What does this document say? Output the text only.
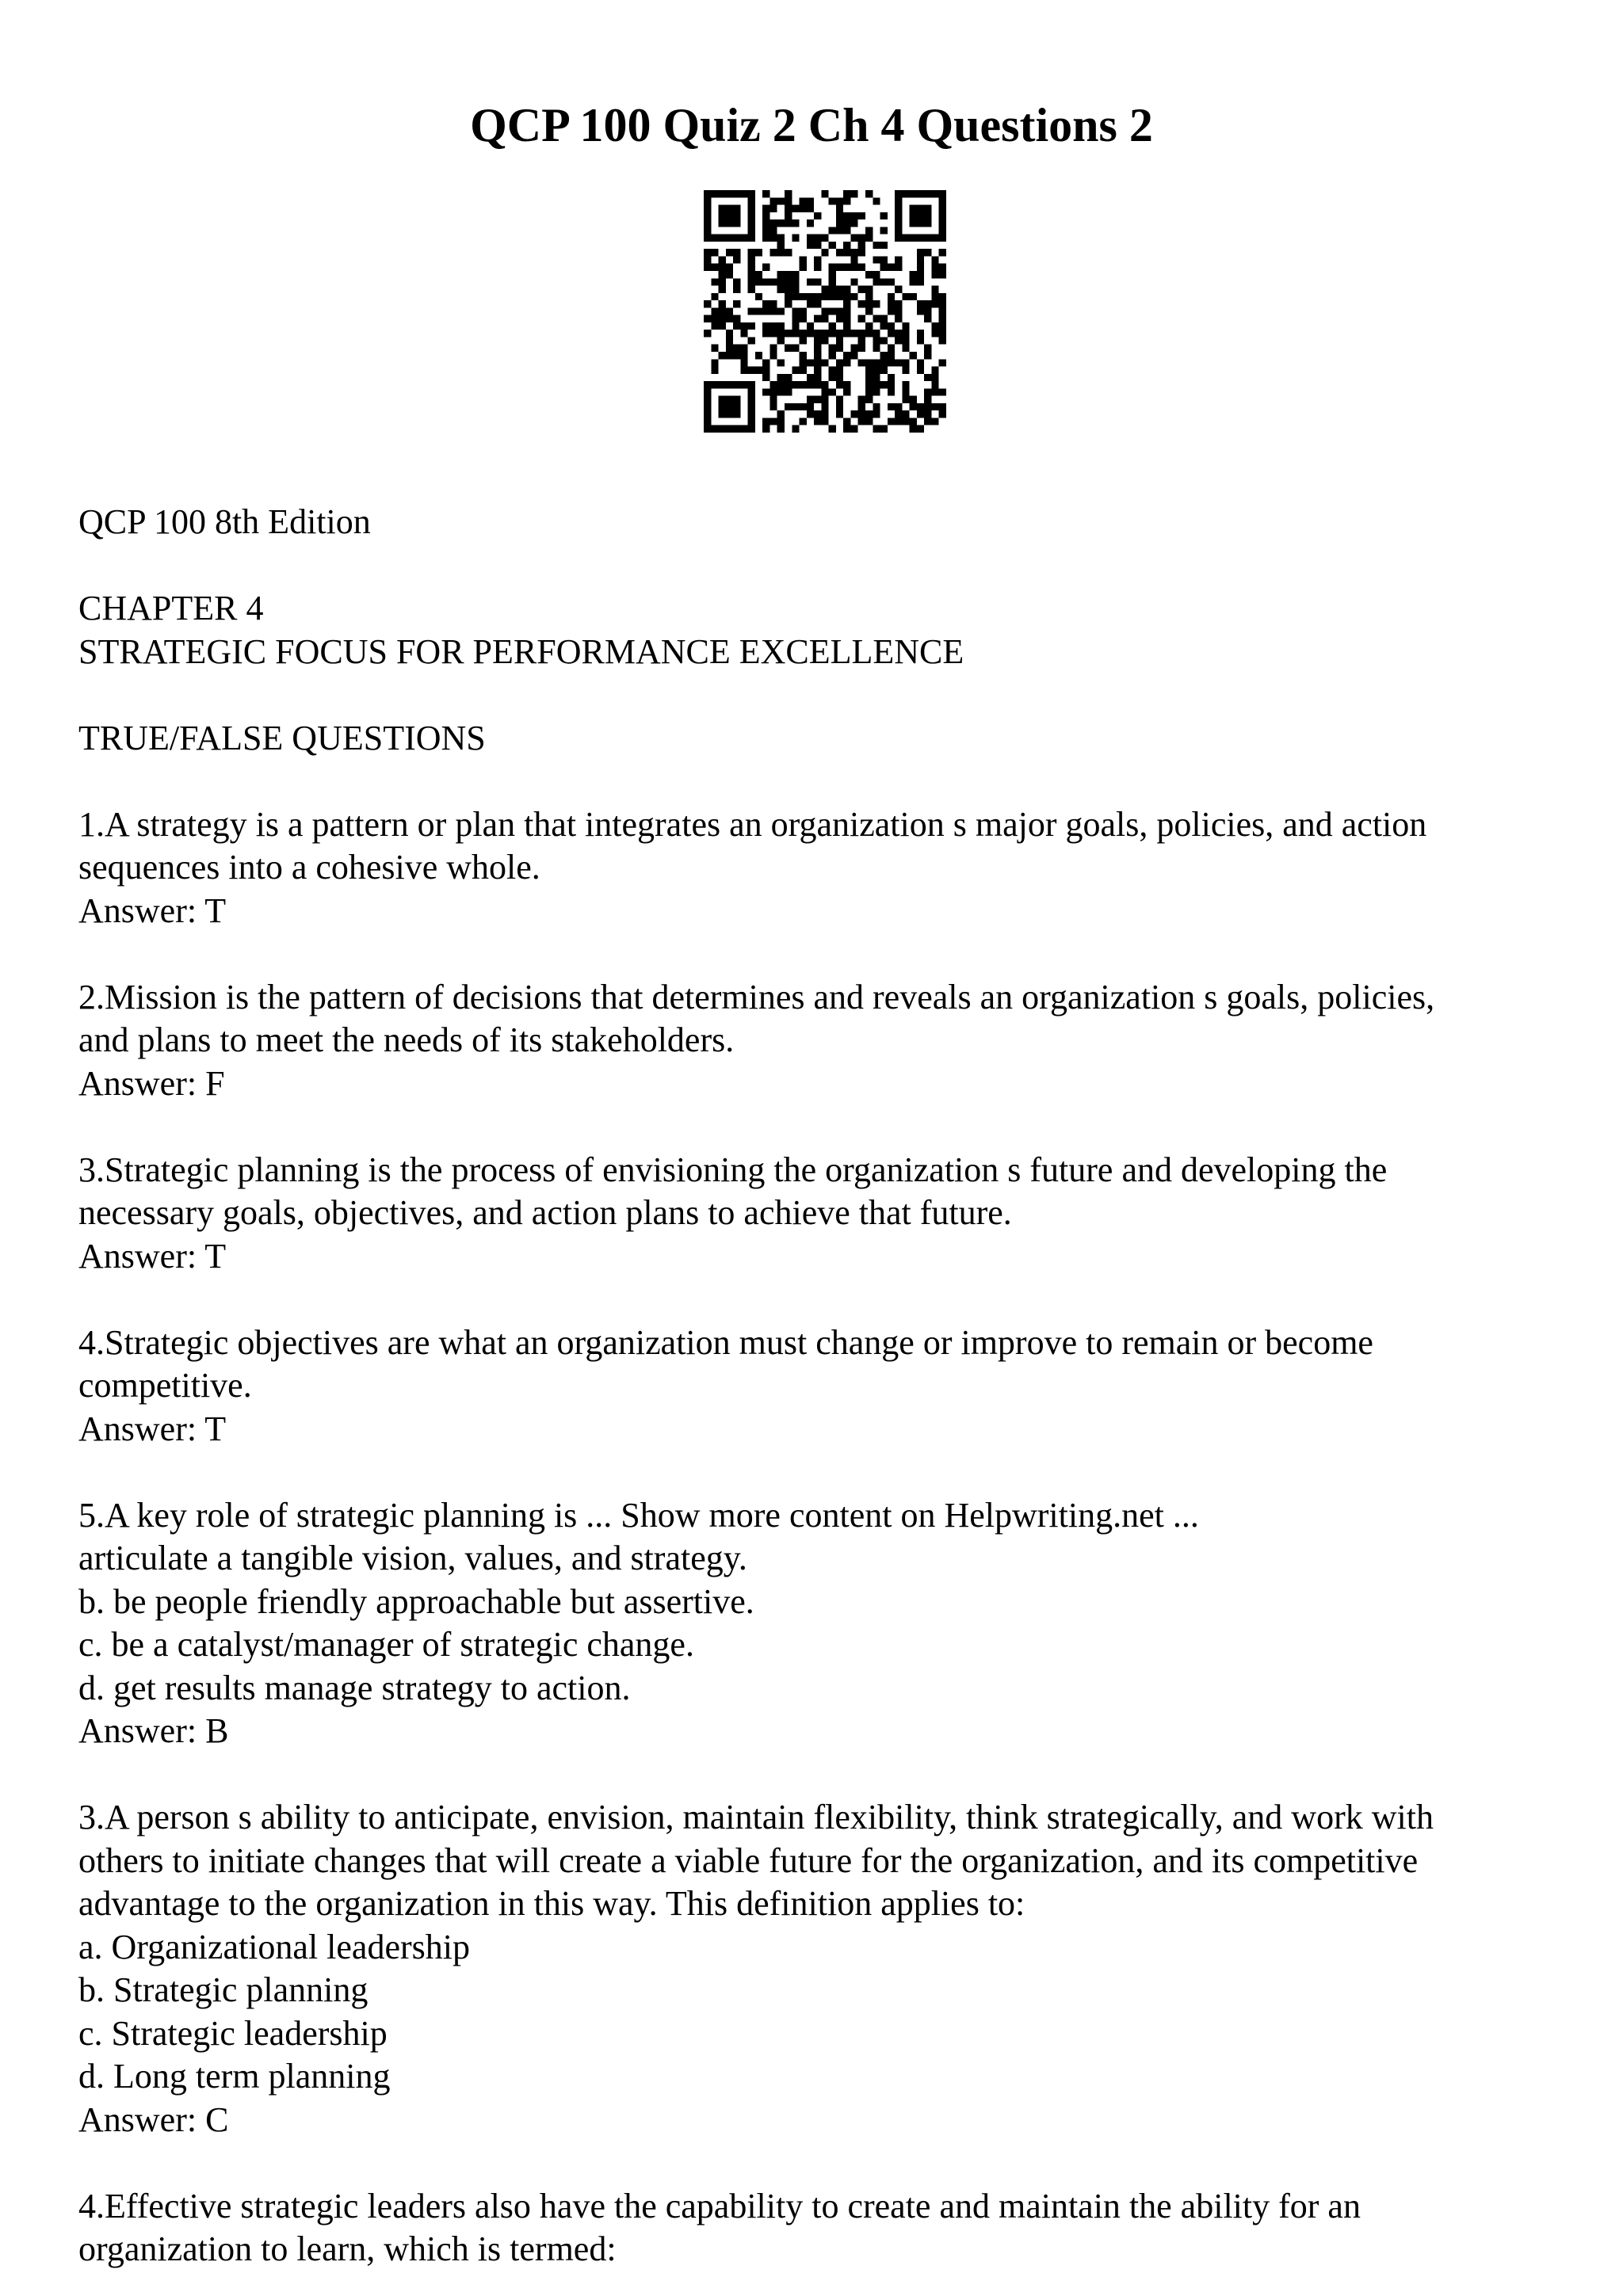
QCP 100 Quiz 2 Ch 4 Questions 2
QCP 100 8th Edition
CHAPTER 4
STRATEGIC FOCUS FOR PERFORMANCE EXCELLENCE
TRUE/FALSE QUESTIONS
1.A strategy is a pattern or plan that integrates an organization s major goals, policies, and action
sequences into a cohesive whole.
Answer: T
2.Mission is the pattern of decisions that determines and reveals an organization s goals, policies,
and plans to meet the needs of its stakeholders.
Answer: F
3.Strategic planning is the process of envisioning the organization s future and developing the
necessary goals, objectives, and action plans to achieve that future.
Answer: T
4.Strategic objectives are what an organization must change or improve to remain or become
competitive.
Answer: T
5.A key role of strategic planning is ... Show more content on Helpwriting.net ...
articulate a tangible vision, values, and strategy.
b. be people friendly approachable but assertive.
c. be a catalyst/manager of strategic change.
d. get results manage strategy to action.
Answer: B
3.A person s ability to anticipate, envision, maintain flexibility, think strategically, and work with
others to initiate changes that will create a viable future for the organization, and its competitive
advantage to the organization in this way. This definition applies to:
a. Organizational leadership
b. Strategic planning
c. Strategic leadership
d. Long term planning
Answer: C
4.Effective strategic leaders also have the capability to create and maintain the ability for an
organization to learn, which is termed:
